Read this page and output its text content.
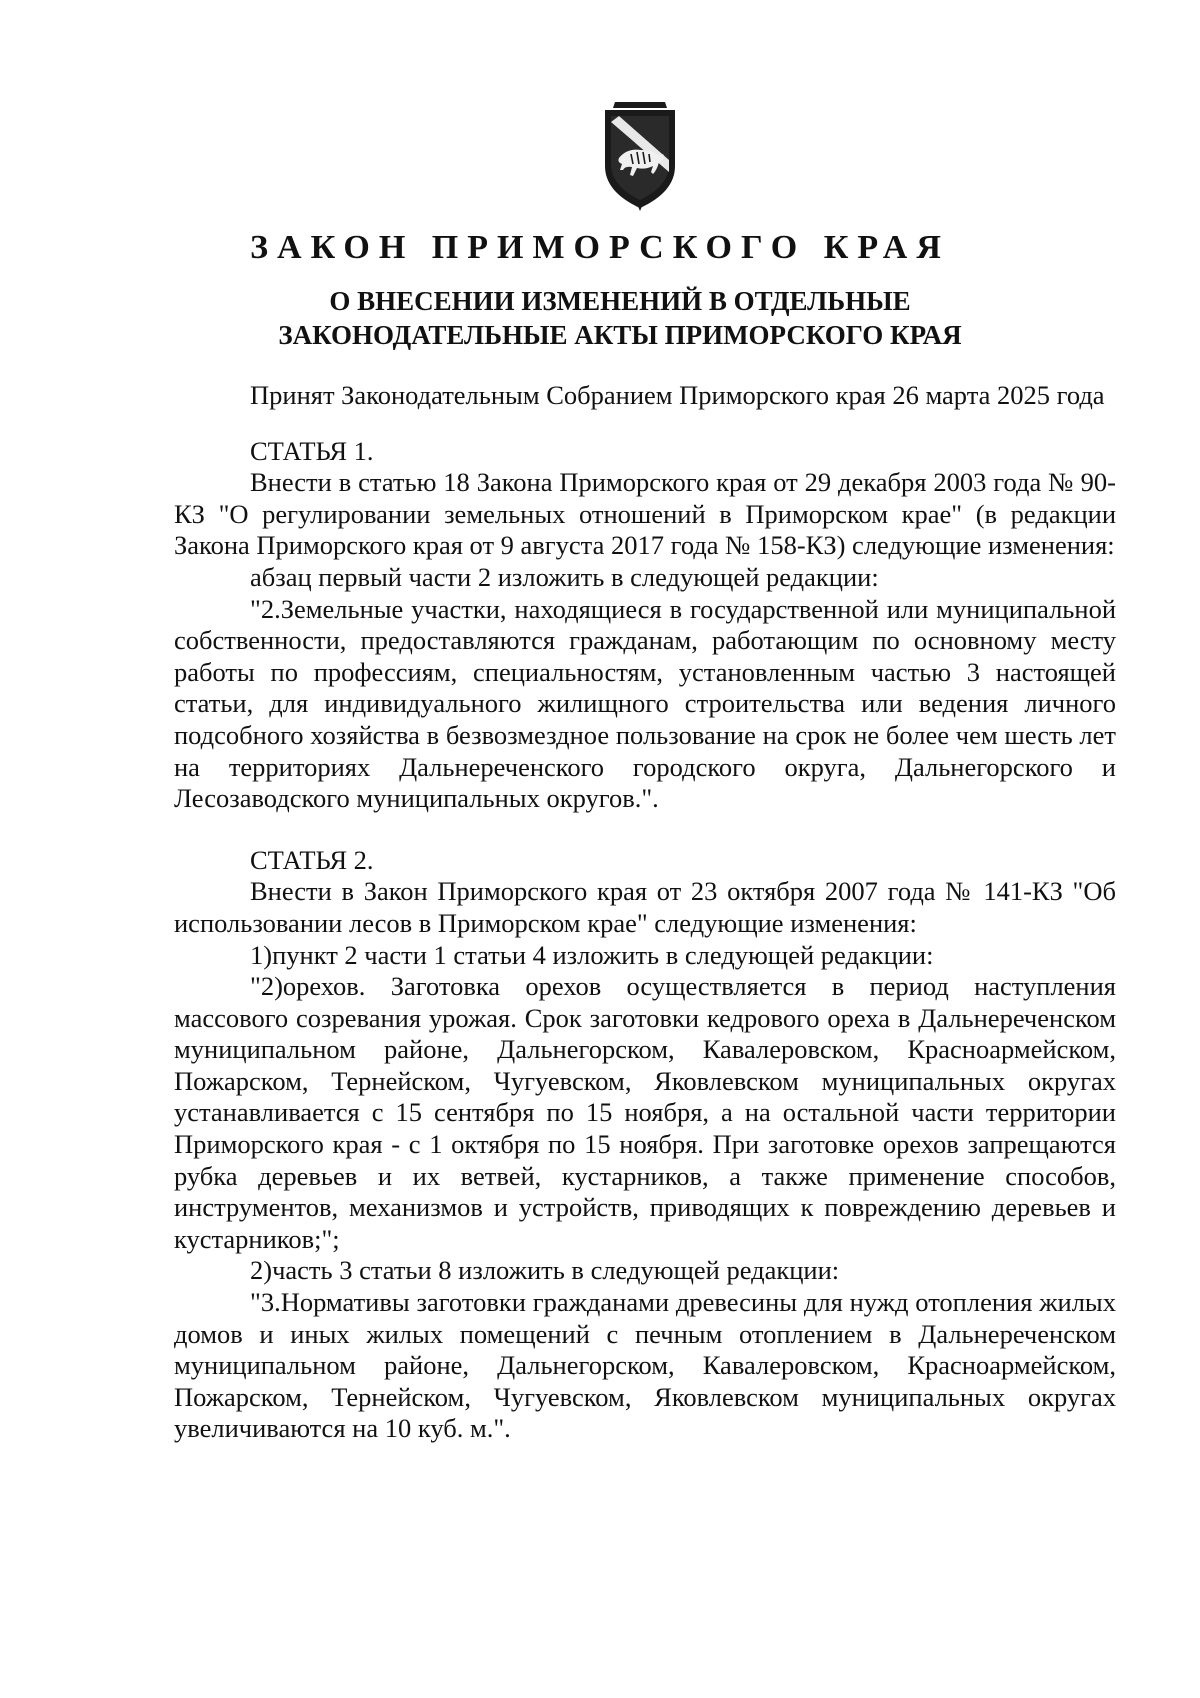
ЗАКОН ПРИМОРСКОГО КРАЯ
О ВНЕСЕНИИ ИЗМЕНЕНИЙ В ОТДЕЛЬНЫЕ
ЗАКОНОДАТЕЛЬНЫЕ АКТЫ ПРИМОРСКОГО КРАЯ

Принят Законодательным Собранием Приморского края 26 марта 2025 года

СТАТЬЯ 1.

Внести в статью 18 Закона Приморского края от 29 декабря 2003 года № 90-КЗ "О регулировании земельных отношений в Приморском крае" (в редакции Закона Приморского края от 9 августа 2017 года № 158-КЗ) следующие изменения:

абзац первый части 2 изложить в следующей редакции:

"2.Земельные участки, находящиеся в государственной или муниципальной собственности, предоставляются гражданам, работающим по основному месту работы по профессиям, специальностям, установленным частью 3 настоящей статьи, для индивидуального жилищного строительства или ведения личного подсобного хозяйства в безвозмездное пользование на срок не более чем шесть лет на территориях Дальнереченского городского округа, Дальнегорского и Лесозаводского муниципальных округов.".

СТАТЬЯ 2.

Внести в Закон Приморского края от 23 октября 2007 года № 141-КЗ "Об использовании лесов в Приморском крае" следующие изменения:

1)пункт 2 части 1 статьи 4 изложить в следующей редакции:

"2)орехов. Заготовка орехов осуществляется в период наступления массового созревания урожая. Срок заготовки кедрового ореха в Дальнереченском муниципальном районе, Дальнегорском, Кавалеровском, Красноармейском, Пожарском, Тернейском, Чугуевском, Яковлевском муниципальных округах устанавливается с 15 сентября по 15 ноября, а на остальной части территории Приморского края - с 1 октября по 15 ноября. При заготовке орехов запрещаются рубка деревьев и их ветвей, кустарников, а также применение способов, инструментов, механизмов и устройств, приводящих к повреждению деревьев и кустарников;";

2)часть 3 статьи 8 изложить в следующей редакции:

"3.Нормативы заготовки гражданами древесины для нужд отопления жилых домов и иных жилых помещений с печным отоплением в Дальнереченском муниципальном районе, Дальнегорском, Кавалеровском, Красноармейском, Пожарском, Тернейском, Чугуевском, Яковлевском муниципальных округах увеличиваются на 10 куб. м.".
